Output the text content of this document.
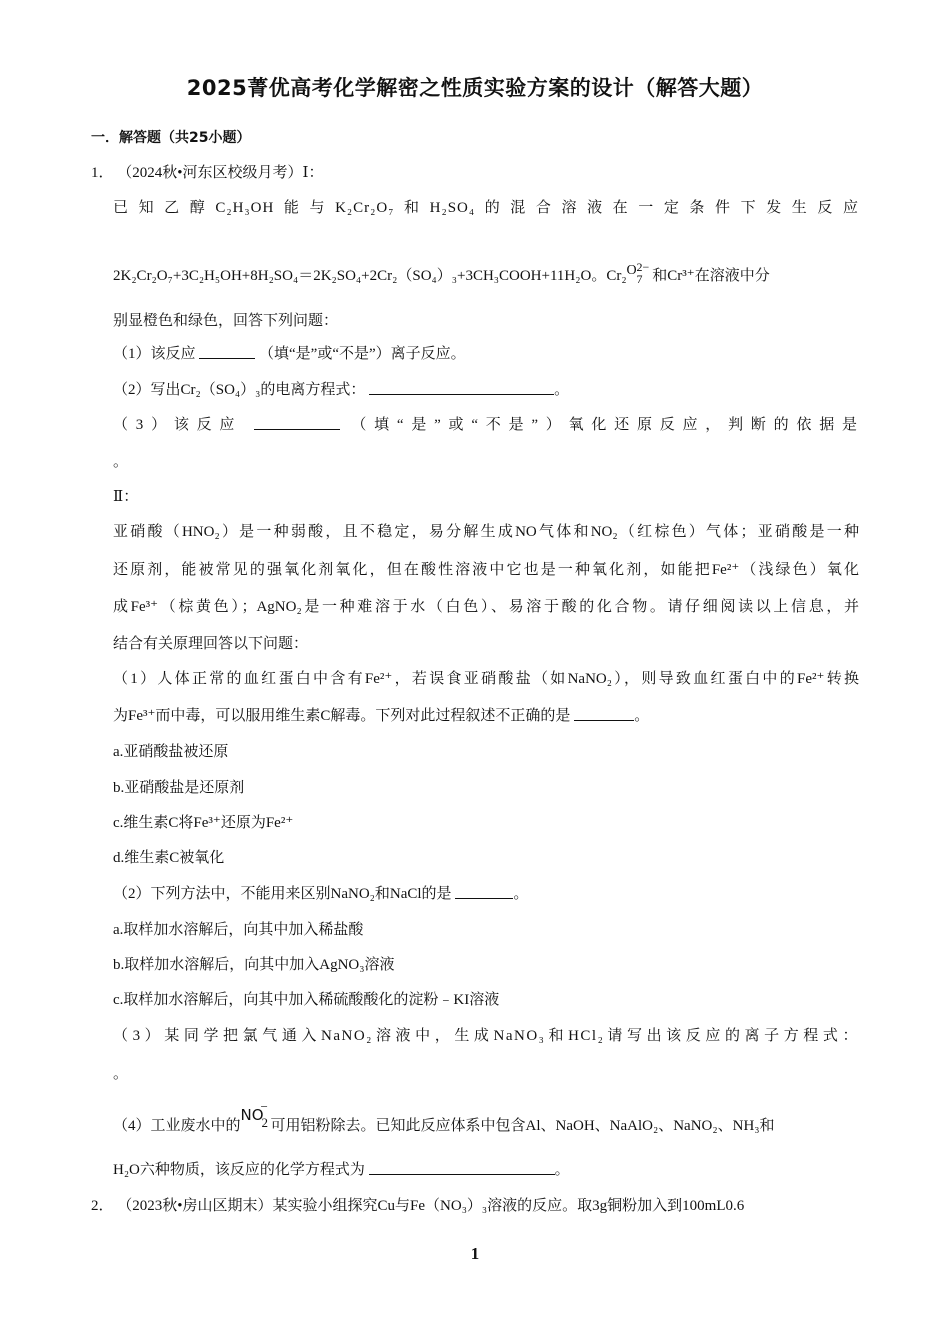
2025菁优高考化学解密之性质实验方案的设计（解答大题）
一．解答题（共25小题）
1． （2024秋•河东区校级月考）Ⅰ：
已知乙醇C₂H₃OH能与K₂Cr₂O₇和H₂SO₄的混合溶液在一定条件下发生反应
2K₂Cr₂O₇+3C₂H₅OH+8H₂SO₄＝2K₂SO₄+2Cr₂（SO₄）₃+3CH₃COOH+11H₂O。Cr₂
2−
O
7 和Cr³⁺在溶液中分
别显橙色和绿色，回答下列问题：
（1）该反应	（填“是”或“不是”）离子反应。
（2）写出Cr₂（SO₄）₃的电离方程式：	。
（3）该反应	（填“是”或“不是”）氧化还原反应，判断的依据是
。
Ⅱ：
亚硝酸（HNO₂）是一种弱酸，且不稳定，易分解生成NO气体和NO₂（红棕色）气体；亚硝酸是一种
还原剂，能被常见的强氧化剂氧化，但在酸性溶液中它也是一种氧化剂，如能把Fe²⁺（浅绿色）氧化
成Fe³⁺（棕黄色）；AgNO₂是一种难溶于水（白色）、易溶于酸的化合物。请仔细阅读以上信息，并
结合有关原理回答以下问题：
（1）人体正常的血红蛋白中含有Fe²⁺，若误食亚硝酸盐（如NaNO₂），则导致血红蛋白中的Fe²⁺转换
为Fe³⁺而中毒，可以服用维生素C解毒。下列对此过程叙述不正确的是	。
a.亚硝酸盐被还原
b.亚硝酸盐是还原剂
c.维生素C将Fe³⁺还原为Fe²⁺
d.维生素C被氧化
（2）下列方法中，不能用来区别NaNO₂和NaCl的是	。
a.取样加水溶解后，向其中加入稀盐酸
b.取样加水溶解后，向其中加入AgNO₃溶液
c.取样加水溶解后，向其中加入稀硫酸酸化的淀粉﹣KI溶液
（3）某同学把氯气通入NaNO₂溶液中，生成NaNO₃和HCl₂请写出该反应的离子方程式：
。
（4）工业废水中的
NO
−
2 可用铝粉除去。已知此反应体系中包含Al、NaOH、NaAlO₂、NaNO₂、NH₃和
H₂O六种物质，该反应的化学方程式为	。
2． （2023秋•房山区期末）某实验小组探究Cu与Fe（NO₃）₃溶液的反应。取3g铜粉加入到100mL0.6
1
